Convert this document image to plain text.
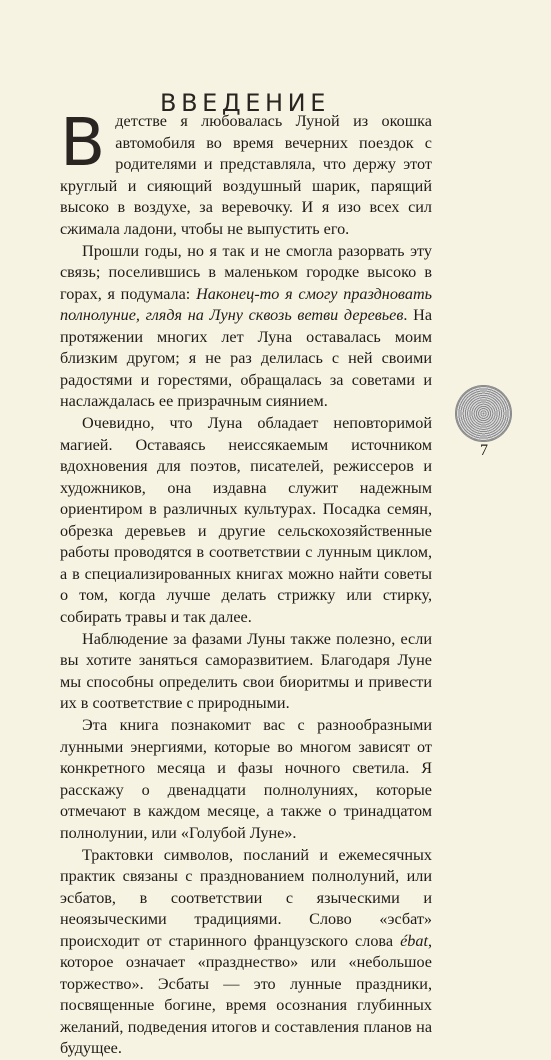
ВВЕДЕНИЕ

Вдетстве я любовалась Луной из окошка автомобиля во время вечерних поездок с родителями и представляла, что держу этот круглый и сияющий воздушный шарик, парящий высоко в воздухе, за веревочку. И я изо всех сил сжимала ладони, чтобы не выпустить его.

Прошли годы, но я так и не смогла разорвать эту связь; поселившись в маленьком городке высоко в горах, я подумала: Наконец-то я смогу праздновать полнолуние, глядя на Луну сквозь ветви деревьев. На протяжении многих лет Луна оставалась моим близким другом; я не раз делилась с ней своими радостями и горестями, обращалась за советами и наслаждалась ее призрачным сиянием.

Очевидно, что Луна обладает неповторимой магией. Оставаясь неиссякаемым источником вдохновения для поэтов, писателей, режиссеров и художников, она издавна служит надежным ориентиром в различных культурах. Посадка семян, обрезка деревьев и другие сельскохозяйственные работы проводятся в соответствии с лунным циклом, а в специализированных книгах можно найти советы о том, когда лучше делать стрижку или стирку, собирать травы и так далее.

Наблюдение за фазами Луны также полезно, если вы хотите заняться саморазвитием. Благодаря Луне мы способны определить свои биоритмы и привести их в соответствие с природными.

Эта книга познакомит вас с разнообразными лунными энергиями, которые во многом зависят от конкретного месяца и фазы ночного светила. Я расскажу о двенадцати полнолуниях, которые отмечают в каждом месяце, а также о тринадцатом полнолунии, или «Голубой Луне».

Трактовки символов, посланий и ежемесячных практик связаны с празднованием полнолуний, или эсбатов, в соответствии с языческими и неоязыческими традициями. Слово «эсбат» происходит от старинного французского слова ébat, которое означает «празднество» или «небольшое торжество». Эсбаты — это лунные праздники, посвященные богине, время осознания глубинных желаний, подведения итогов и составления планов на будущее.

7
